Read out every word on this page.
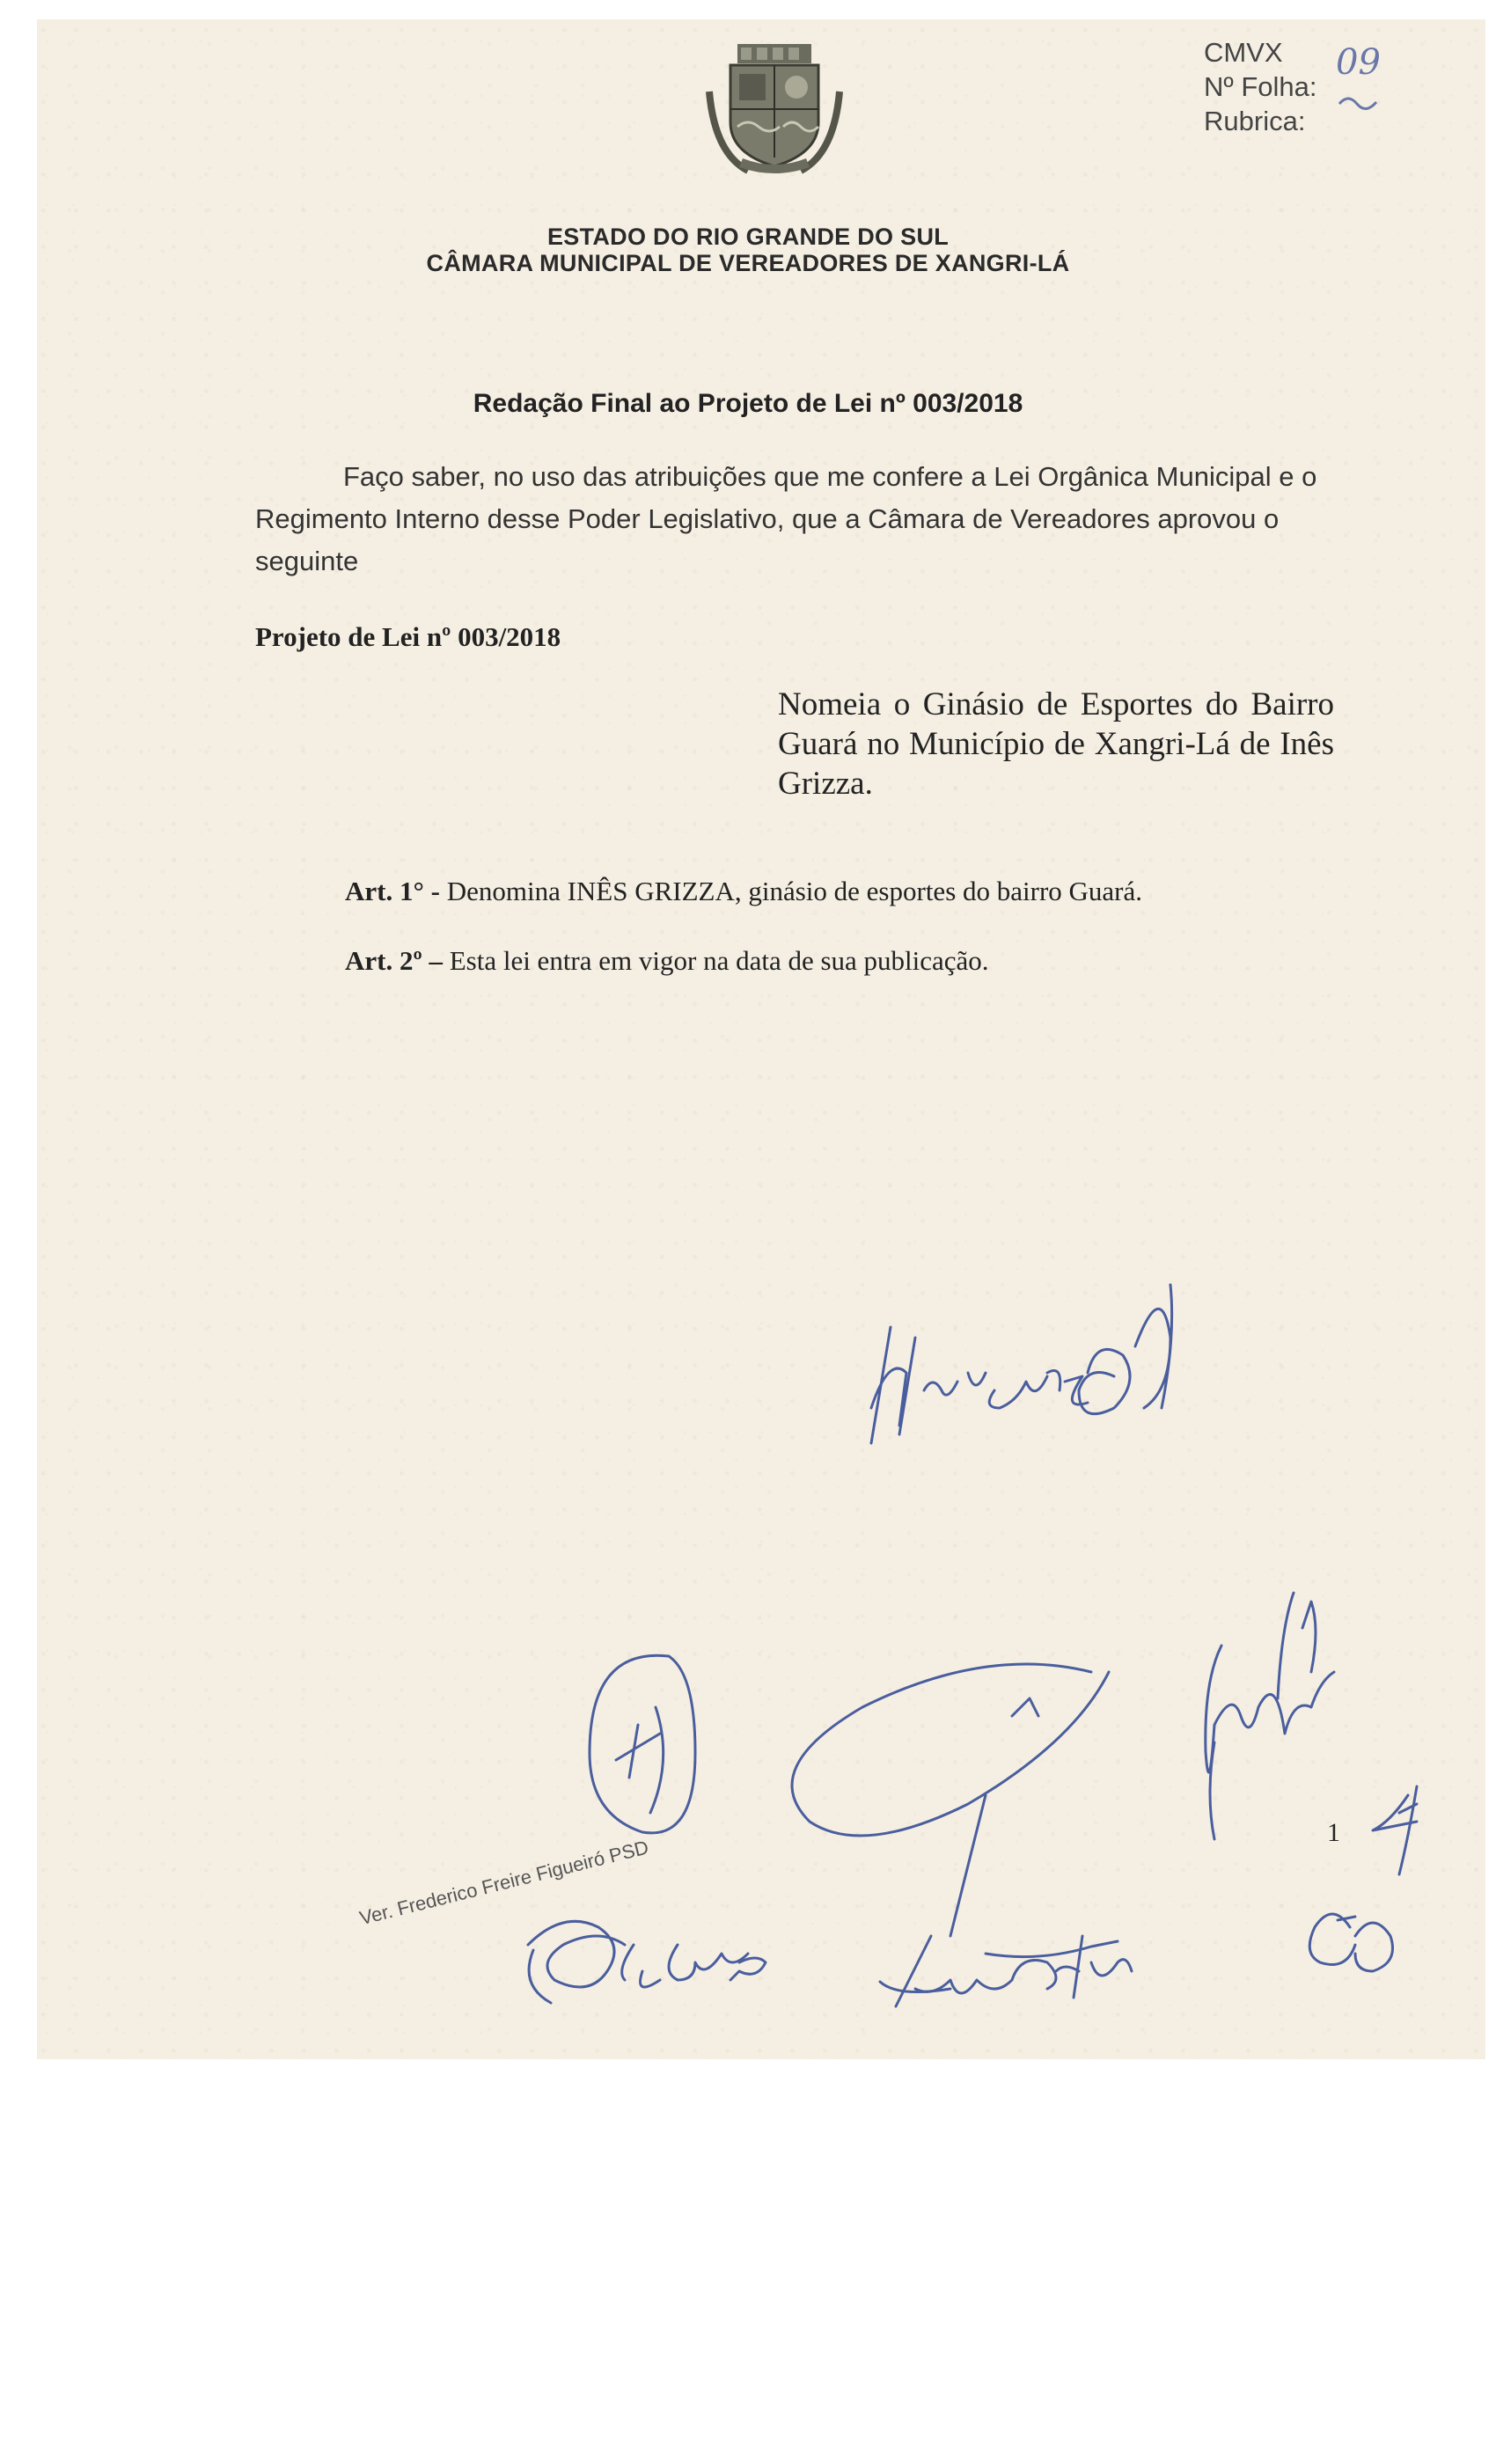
CMVX
Nº Folha:
Rubrica:
09
ESTADO DO RIO GRANDE DO SUL
CÂMARA MUNICIPAL DE VEREADORES DE XANGRI-LÁ
Redação Final ao Projeto de Lei nº 003/2018
Faço saber, no uso das atribuições que me confere a Lei Orgânica Municipal e o Regimento Interno desse Poder Legislativo, que a Câmara de Vereadores aprovou o seguinte
Projeto de Lei nº 003/2018
Nomeia o Ginásio de Esportes do Bairro Guará no Município de Xangri-Lá de Inês Grizza.
Art. 1° - Denomina INÊS GRIZZA, ginásio de esportes do bairro Guará.
Art. 2º – Esta lei entra em vigor na data de sua publicação.
1
Ver. Frederico Freire Figueiró PSD
